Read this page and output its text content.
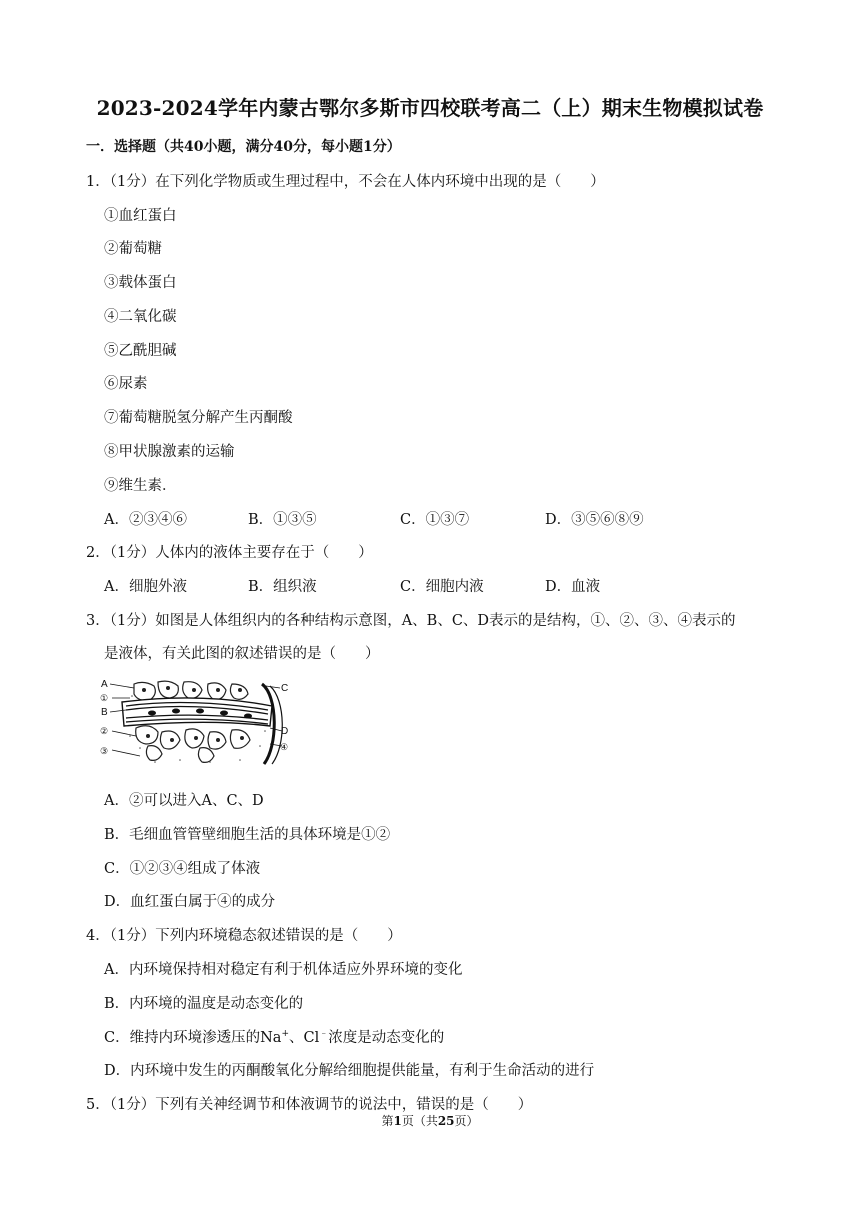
2023-2024学年内蒙古鄂尔多斯市四校联考高二（上）期末生物模拟试卷
一．选择题（共40小题，满分40分，每小题1分）
1．（1分）在下列化学物质或生理过程中，不会在人体内环境中出现的是（　　）
①血红蛋白
②葡萄糖
③载体蛋白
④二氧化碳
⑤乙酰胆碱
⑥尿素
⑦葡萄糖脱氢分解产生丙酮酸
⑧甲状腺激素的运输
⑨维生素．
A．②③④⑥	B．①③⑤	C．①③⑦	D．③⑤⑥⑧⑨
2．（1分）人体内的液体主要存在于（　　）
A．细胞外液	B．组织液	C．细胞内液	D．血液
3．（1分）如图是人体组织内的各种结构示意图，A、B、C、D表示的是结构，①、②、③、④表示的
是液体，有关此图的叙述错误的是（　　）
A
①
B
②
③
C
D
④
A．②可以进入A、C、D
B．毛细血管管壁细胞生活的具体环境是①②
C．①②③④组成了体液
D．血红蛋白属于④的成分
4．（1分）下列内环境稳态叙述错误的是（　　）
A．内环境保持相对稳定有利于机体适应外界环境的变化
B．内环境的温度是动态变化的
C．维持内环境渗透压的Na+、Cl﹣浓度是动态变化的
D．内环境中发生的丙酮酸氧化分解给细胞提供能量，有利于生命活动的进行
5．（1分）下列有关神经调节和体液调节的说法中，错误的是（　　）
第1页（共25页）
